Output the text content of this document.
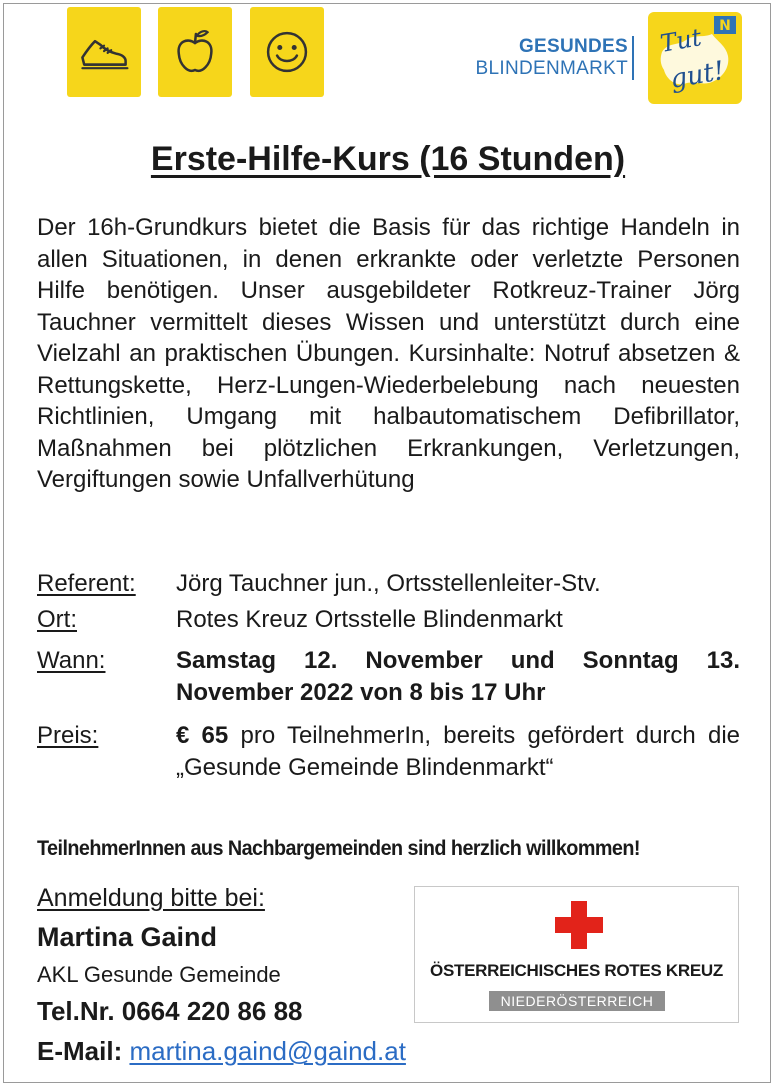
GESUNDES
BLINDENMARKT
N
Tut
gut!
Erste-Hilfe-Kurs (16 Stunden)
Der 16h-Grundkurs bietet die Basis für das richtige Handeln in allen Situationen, in denen erkrankte oder verletzte Personen Hilfe benötigen. Unser ausgebildeter Rotkreuz-Trainer Jörg Tauchner vermittelt dieses Wissen und unterstützt durch eine Vielzahl an praktischen Übungen. Kursinhalte: Notruf absetzen & Rettungskette, Herz-Lungen-Wiederbelebung nach neuesten Richtlinien, Umgang mit halbautomatischem Defibrillator, Maßnahmen bei plötzlichen Erkrankungen, Verletzungen, Vergiftungen sowie Unfallverhütung
Referent: Jörg Tauchner jun., Ortsstellenleiter-Stv.
Ort:	Rotes Kreuz Ortsstelle Blindenmarkt
Wann:	Samstag 12. November und Sonntag 13. November 2022 von 8 bis 17 Uhr
Preis:	€ 65 pro TeilnehmerIn, bereits gefördert durch die „Gesunde Gemeinde Blindenmarkt“
TeilnehmerInnen aus Nachbargemeinden sind herzlich willkommen!
Anmeldung bitte bei:
Martina Gaind
AKL Gesunde Gemeinde
Tel.Nr. 0664 220 86 88
E-Mail: martina.gaind@gaind.at
ÖSTERREICHISCHES ROTES KREUZ
NIEDERÖSTERREICH
